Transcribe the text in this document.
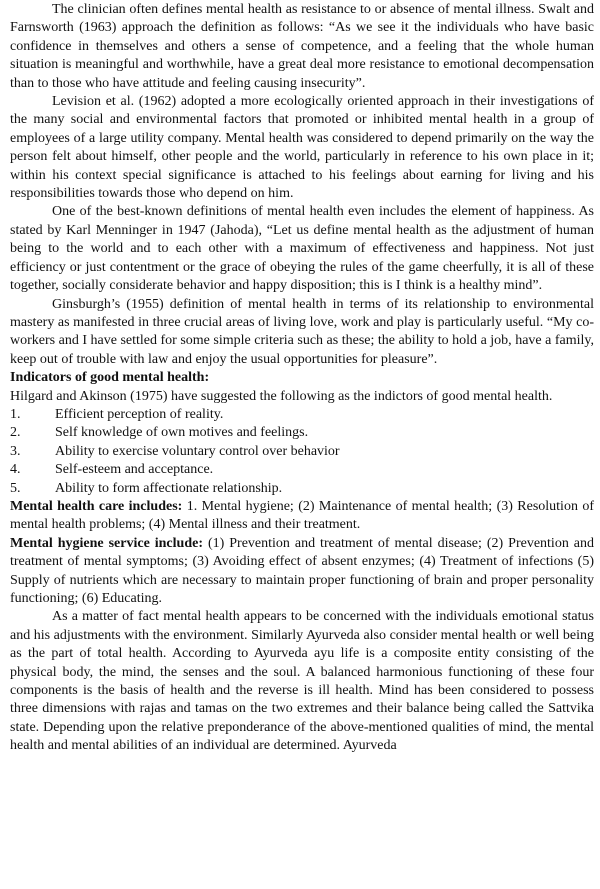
The clinician often defines mental health as resistance to or absence of mental illness. Swalt and Farnsworth (1963) approach the definition as follows: “As we see it the individuals who have basic confidence in themselves and others a sense of competence, and a feeling that the whole human situation is meaningful and worthwhile, have a great deal more resistance to emotional decompensation than to those who have attitude and feeling causing insecurity”.

Levision et al. (1962) adopted a more ecologically oriented approach in their investigations of the many social and environmental factors that promoted or inhibited mental health in a group of employees of a large utility company. Mental health was considered to depend primarily on the way the person felt about himself, other people and the world, particularly in reference to his own place in it; within his context special significance is attached to his feelings about earning for living and his responsibilities towards those who depend on him.

One of the best-known definitions of mental health even includes the element of happiness. As stated by Karl Menninger in 1947 (Jahoda), “Let us define mental health as the adjustment of human being to the world and to each other with a maximum of effectiveness and happiness. Not just efficiency or just contentment or the grace of obeying the rules of the game cheerfully, it is all of these together, socially considerate behavior and happy disposition; this is I think is a healthy mind”.

Ginsburgh’s (1955) definition of mental health in terms of its relationship to environmental mastery as manifested in three crucial areas of living love, work and play is particularly useful. “My co-workers and I have settled for some simple criteria such as these; the ability to hold a job, have a family, keep out of trouble with law and enjoy the usual opportunities for pleasure”.

Indicators of good mental health:

Hilgard and Akinson (1975) have suggested the following as the indictors of good mental health.

1.	Efficient perception of reality.
2.	Self knowledge of own motives and feelings.
3.	Ability to exercise voluntary control over behavior
4.	Self-esteem and acceptance.
5.	Ability to form affectionate relationship.

Mental health care includes: 1. Mental hygiene; (2) Maintenance of mental health; (3) Resolution of mental health problems; (4) Mental illness and their treatment.

Mental hygiene service include: (1) Prevention and treatment of mental disease; (2) Prevention and treatment of mental symptoms; (3) Avoiding effect of absent enzymes; (4) Treatment of infections (5) Supply of nutrients which are necessary to maintain proper functioning of brain and proper personality functioning; (6) Educating.

As a matter of fact mental health appears to be concerned with the individuals emotional status and his adjustments with the environment. Similarly Ayurveda also consider mental health or well being as the part of total health. According to Ayurveda ayu life is a composite entity consisting of the physical body, the mind, the senses and the soul. A balanced harmonious functioning of these four components is the basis of health and the reverse is ill health. Mind has been considered to possess three dimensions with rajas and tamas on the two extremes and their balance being called the Sattvika state. Depending upon the relative preponderance of the above-mentioned qualities of mind, the mental health and mental abilities of an individual are determined. Ayurveda
